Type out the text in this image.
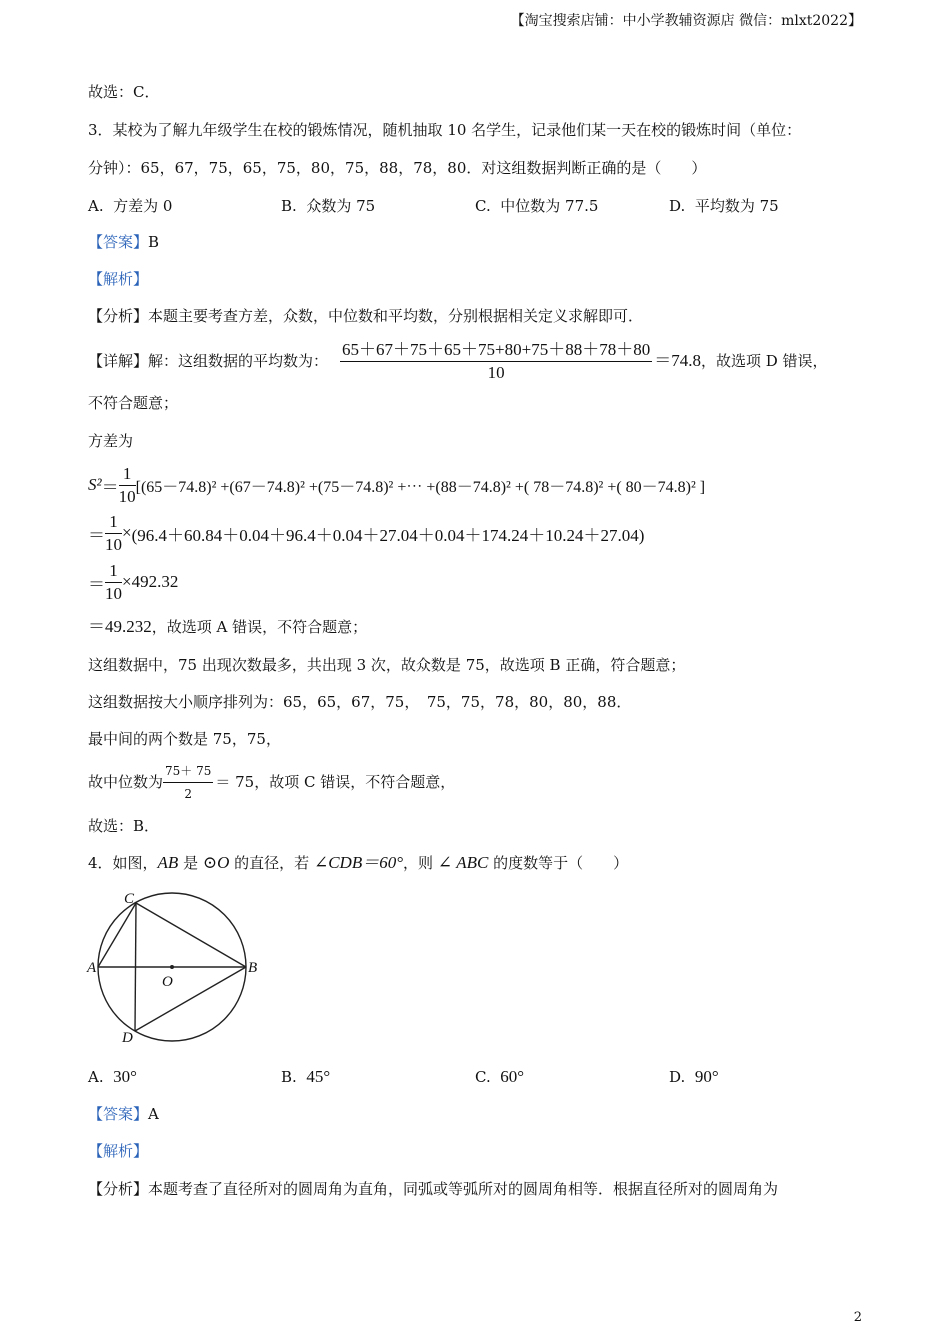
【淘宝搜索店铺：中小学教辅资源店 微信：mlxt2022】
故选：C．
3．某校为了解九年级学生在校的锻炼情况，随机抽取 10 名学生，记录他们某一天在校的锻炼时间（单位：
分钟）：65，67，75，65，75，80，75，88，78，80．对这组数据判断正确的是（　　）
A. 方差为 0	B. 众数为 75	C. 中位数为 77.5	D. 平均数为 75
【答案】B
【解析】
【分析】本题主要考查方差，众数，中位数和平均数，分别根据相关定义求解即可．
【详解】解：这组数据的平均数为： $\frac{65+67+75+65+75+80+75+88+78+80}{10} =74.8$ ，故选项 D 错误，
不符合题意；
方差为
$S^2 = \frac{1}{10} [(65-74.8)^2 +(67-74.8)^2 +(75-74.8)^2$ +⋯ +(88－74.8)² +( 78－74.8)² +( 80－74.8)² ]
＝ $\frac{1}{10} \times (96.4+60.84+0.04+96.4+0.04+27.04+0.04+174.24+10.24+27.04)$
＝ $\frac{1}{10} \times 492.32$
＝49.232，故选项 A 错误，不符合题意；
这组数据中，75 出现次数最多，共出现 3 次，故众数是 75，故选项 B 正确，符合题意；
这组数据按大小顺序排列为：65，65，67，75，　75，75，78，80，80，88．
最中间的两个数是 75，75，
故中位数为 $\frac{75+ 75}{2} = 75$ ，故项 C 错误，不符合题意，
故选：B．
4．如图，AB 是 ⊙O 的直径，若 ∠CDB＝60°，则 ∠ ABC 的度数等于（　　）
C
A	B
O
D
A. 30°	B. 45°	C. 60°	D. 90°
【答案】A
【解析】
【分析】本题考查了直径所对的圆周角为直角，同弧或等弧所对的圆周角相等．根据直径所对的圆周角为
2
